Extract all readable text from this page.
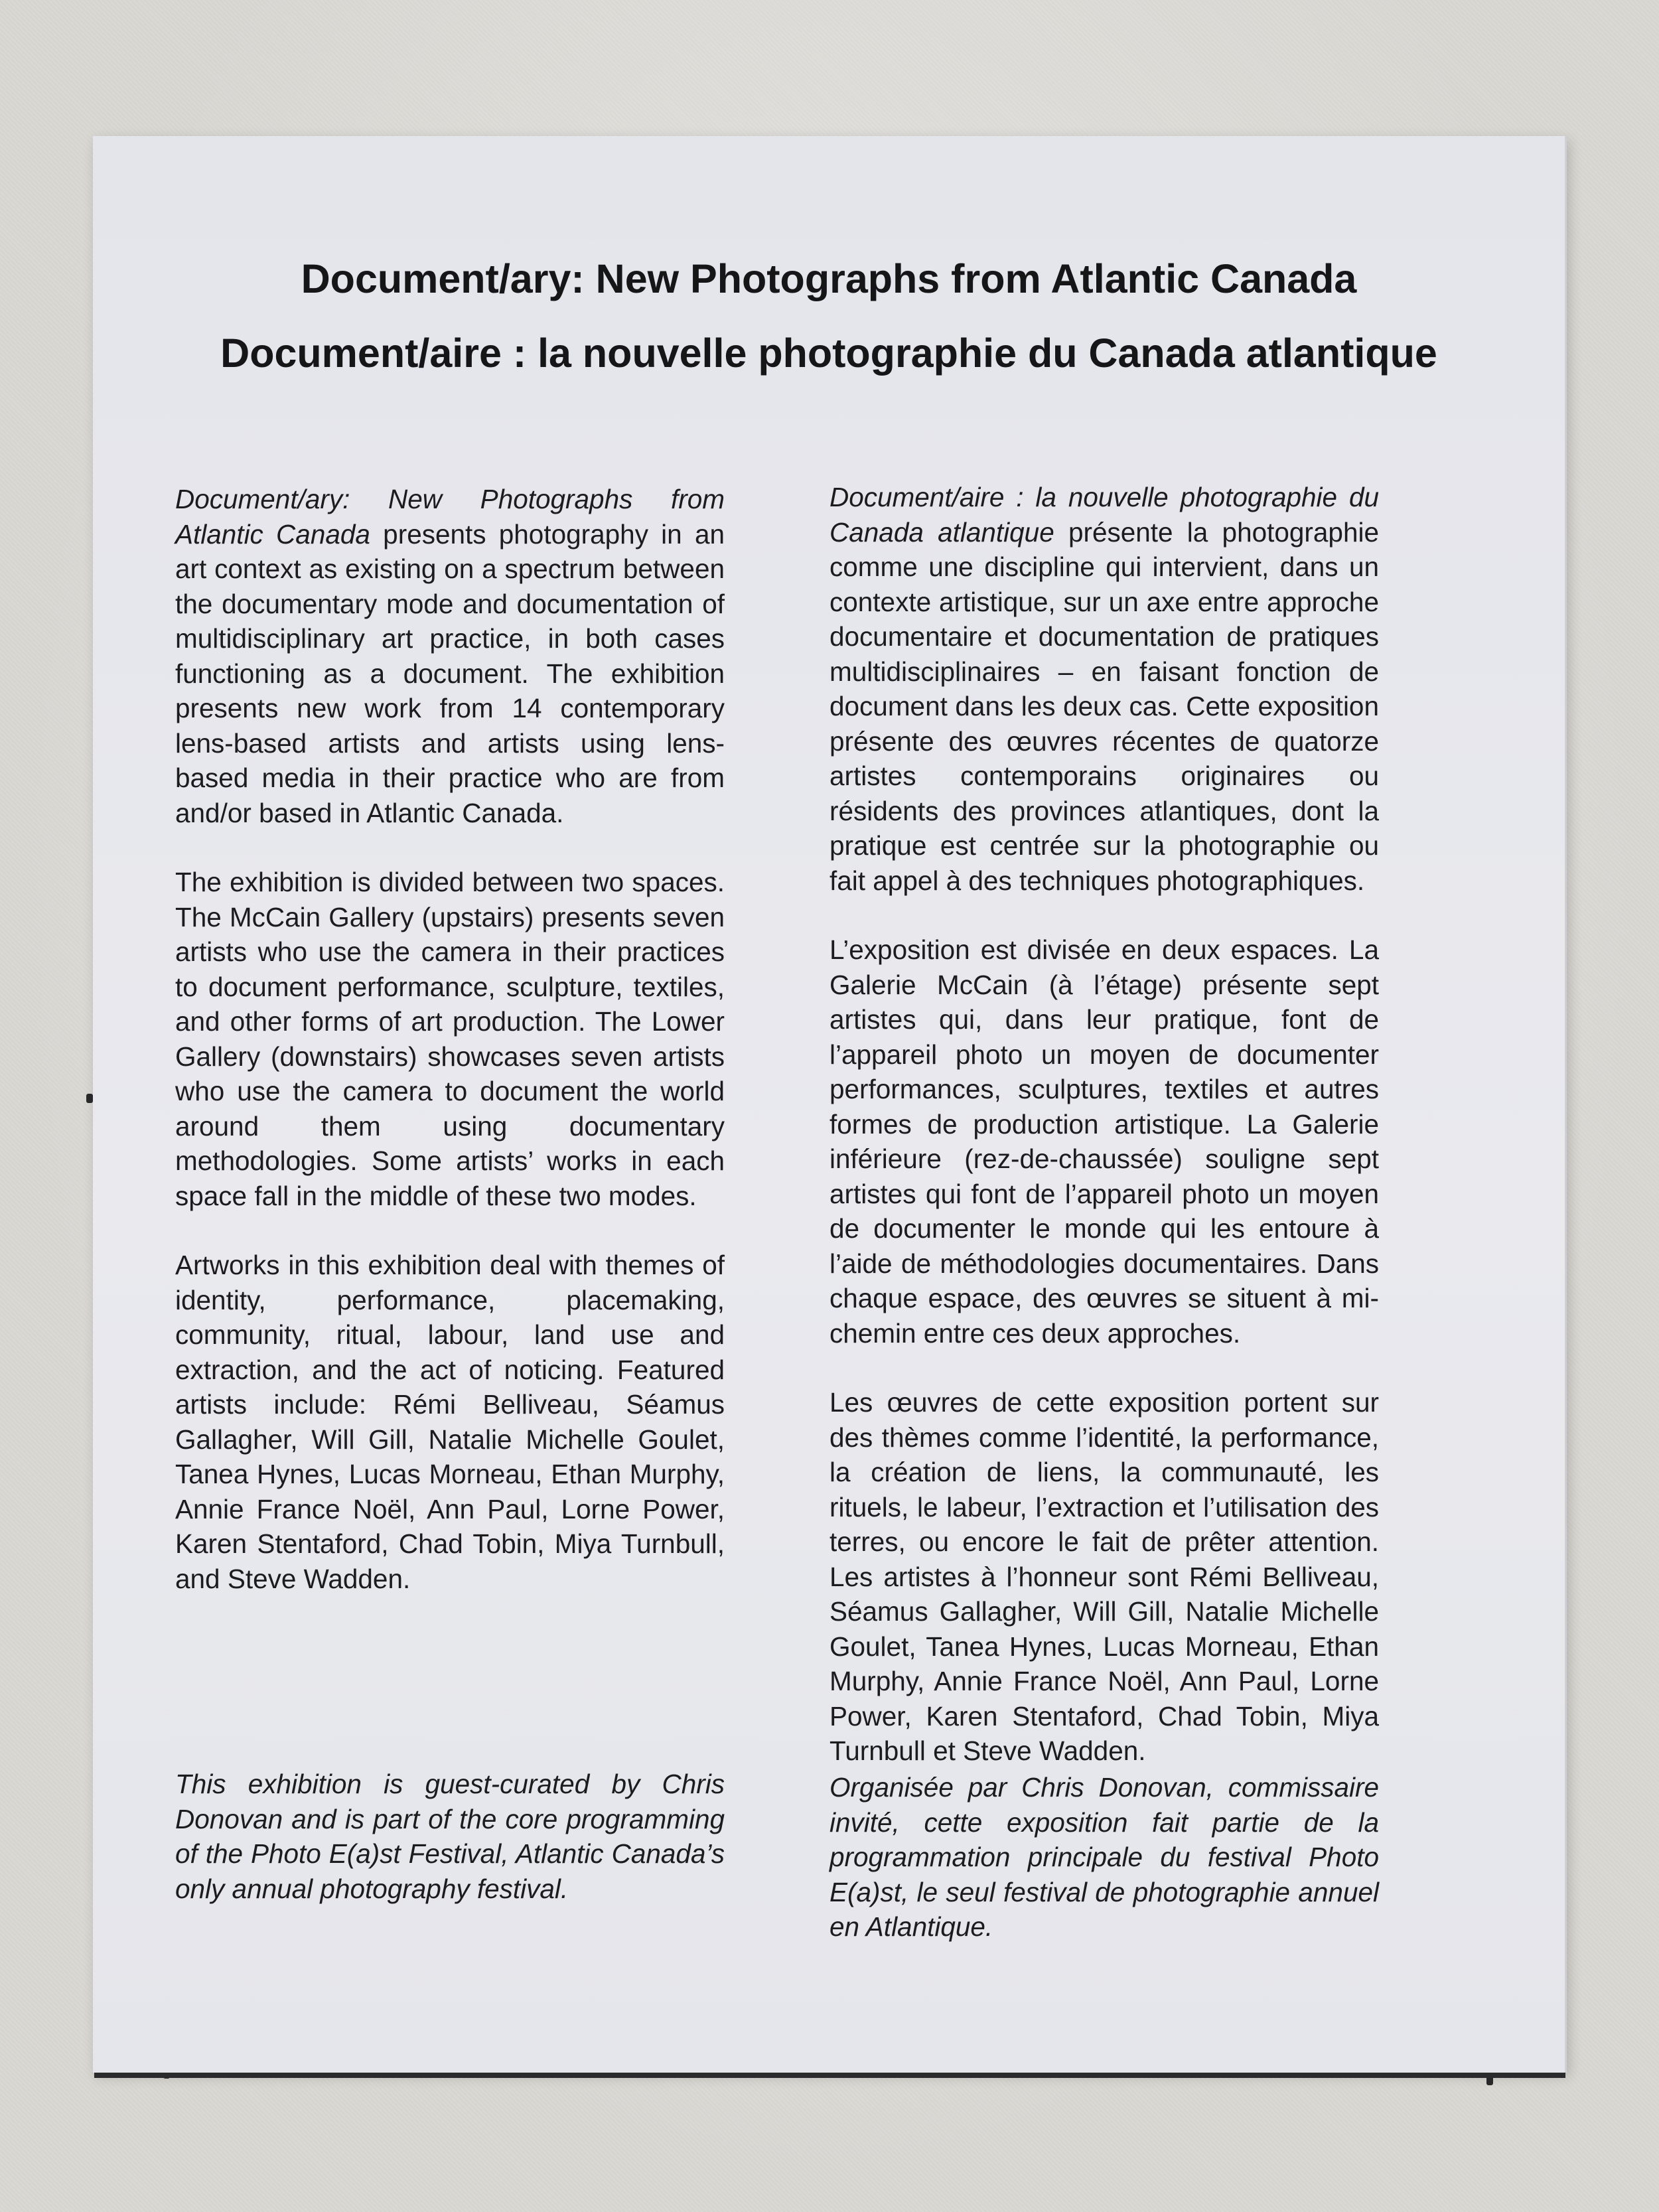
Document/ary: New Photographs from Atlantic Canada
Document/aire : la nouvelle photographie du Canada atlantique

Document/ary: New Photographs from Atlantic Canada presents photography in an art context as existing on a spectrum between the documentary mode and documentation of multidisciplinary art practice, in both cases functioning as a document. The exhibition presents new work from 14 contemporary lens-based artists and artists using lens-based media in their practice who are from and/or based in Atlantic Canada.

The exhibition is divided between two spaces. The McCain Gallery (upstairs) presents seven artists who use the camera in their practices to document performance, sculpture, textiles, and other forms of art production. The Lower Gallery (downstairs) showcases seven artists who use the camera to document the world around them using documentary methodologies. Some artists’ works in each space fall in the middle of these two modes.

Artworks in this exhibition deal with themes of identity, performance, placemaking, community, ritual, labour, land use and extraction, and the act of noticing. Featured artists include: Rémi Belliveau, Séamus Gallagher, Will Gill, Natalie Michelle Goulet, Tanea Hynes, Lucas Morneau, Ethan Murphy, Annie France Noël, Ann Paul, Lorne Power, Karen Stentaford, Chad Tobin, Miya Turnbull, and Steve Wadden.

Document/aire : la nouvelle photographie du Canada atlantique présente la photographie comme une discipline qui intervient, dans un contexte artistique, sur un axe entre approche documentaire et documentation de pratiques multidisciplinaires – en faisant fonction de document dans les deux cas. Cette exposition présente des œuvres récentes de quatorze artistes contemporains originaires ou résidents des provinces atlantiques, dont la pratique est centrée sur la photographie ou fait appel à des techniques photographiques.

L’exposition est divisée en deux espaces. La Galerie McCain (à l’étage) présente sept artistes qui, dans leur pratique, font de l’appareil photo un moyen de documenter performances, sculptures, textiles et autres formes de production artistique. La Galerie inférieure (rez-de-chaussée) souligne sept artistes qui font de l’appareil photo un moyen de documenter le monde qui les entoure à l’aide de méthodologies documentaires. Dans chaque espace, des œuvres se situent à mi-chemin entre ces deux approches.

Les œuvres de cette exposition portent sur des thèmes comme l’identité, la performance, la création de liens, la communauté, les rituels, le labeur, l’extraction et l’utilisation des terres, ou encore le fait de prêter attention. Les artistes à l’honneur sont Rémi Belliveau, Séamus Gallagher, Will Gill, Natalie Michelle Goulet, Tanea Hynes, Lucas Morneau, Ethan Murphy, Annie France Noël, Ann Paul, Lorne Power, Karen Stentaford, Chad Tobin, Miya Turnbull et Steve Wadden.

This exhibition is guest-curated by Chris Donovan and is part of the core programming of the Photo E(a)st Festival, Atlantic Canada’s only annual photography festival.
Organisée par Chris Donovan, commissaire invité, cette exposition fait partie de la programmation principale du festival Photo E(a)st, le seul festival de photographie annuel en Atlantique.
